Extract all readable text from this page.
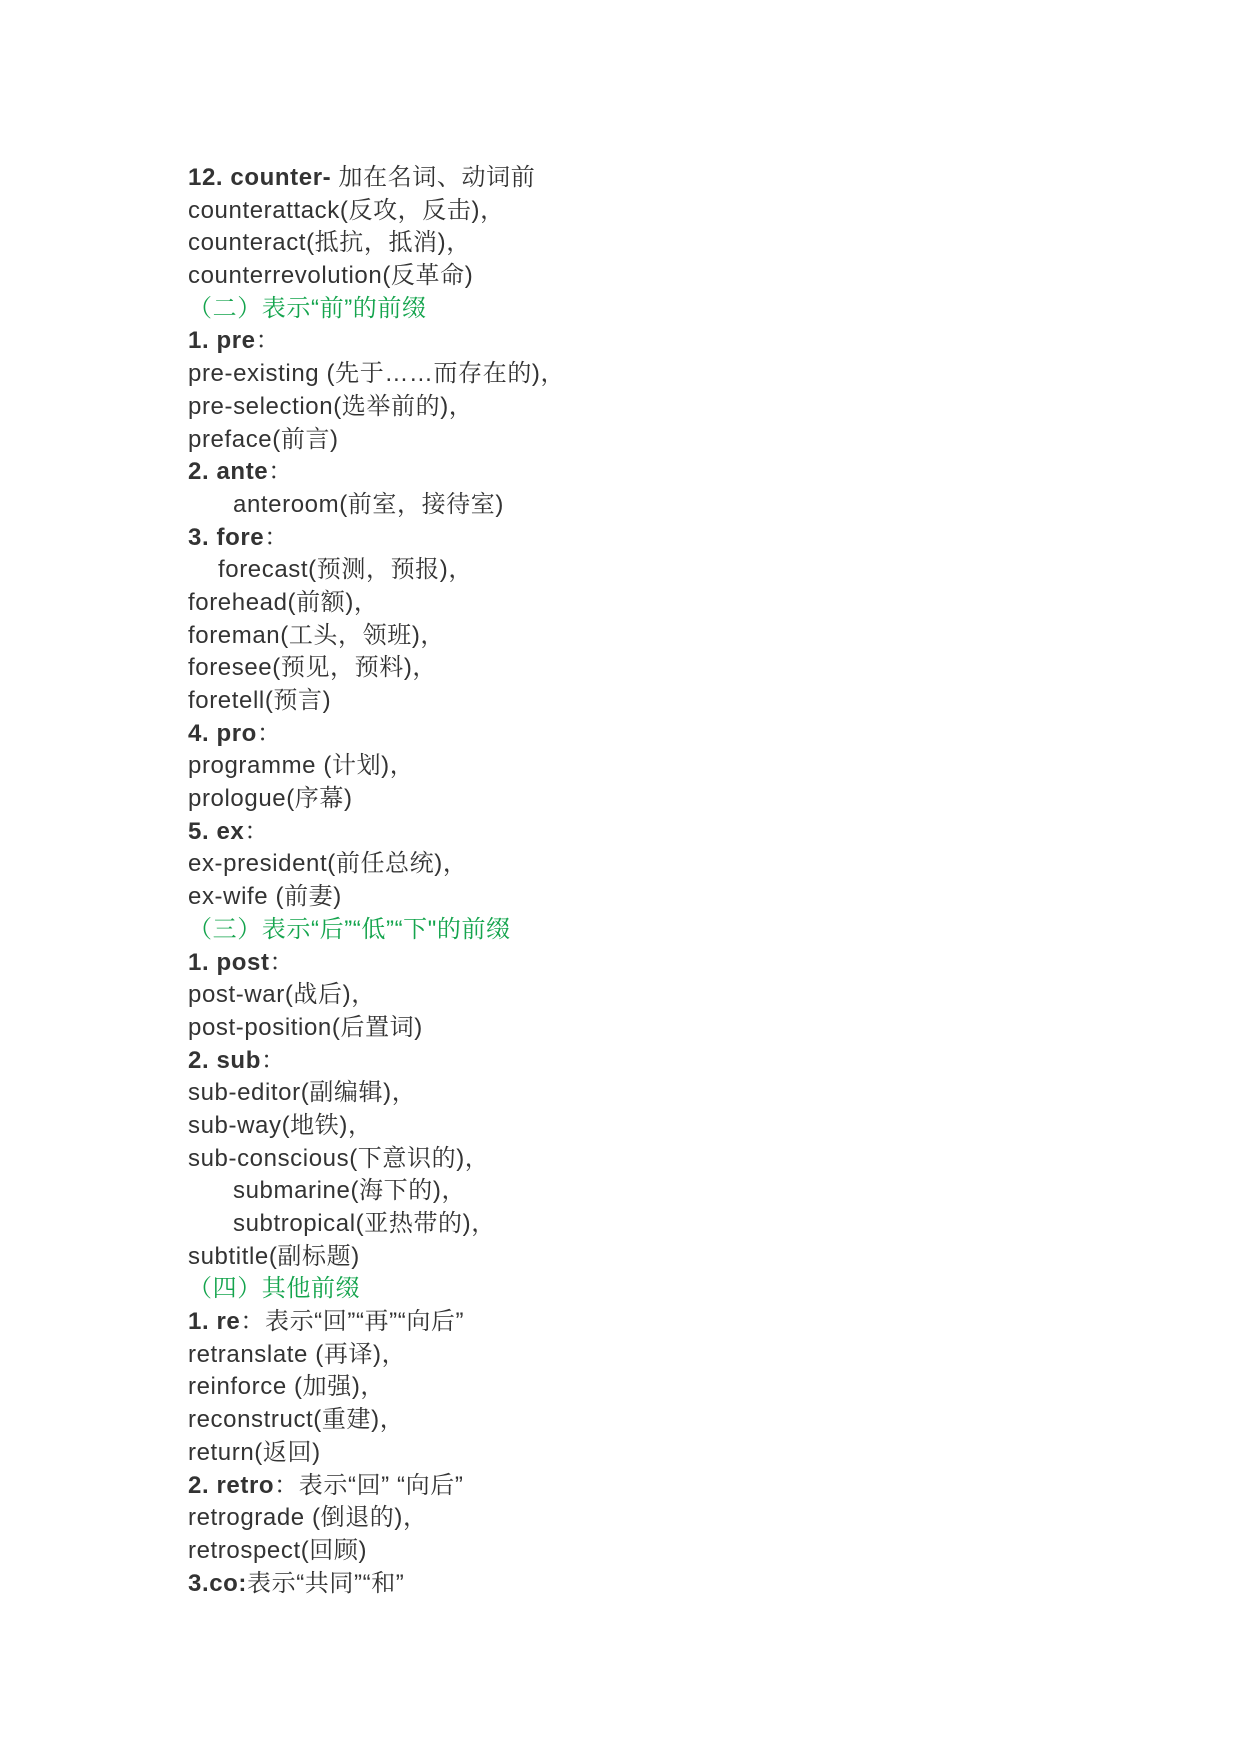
12. counter- 加在名词、动词前
counterattack(反攻，反击)，
counteract(抵抗，抵消)，
counterrevolution(反革命)
（二）表示“前”的前缀
1. pre：
pre-existing (先于……而存在的)，
pre-selection(选举前的)，
preface(前言)
2. ante：
anteroom(前室，接待室)
3. fore：
forecast(预测，预报)，
forehead(前额)，
foreman(工头，领班)，
foresee(预见，预料)，
foretell(预言)
4. pro：
programme (计划)，
prologue(序幕)
5. ex：
ex-president(前任总统)，
ex-wife (前妻)
（三）表示“后”“低”“下"的前缀
1. post：
post-war(战后)，
post-position(后置词)
2. sub：
sub-editor(副编辑)，
sub-way(地铁)，
sub-conscious(下意识的)，
submarine(海下的)，
subtropical(亚热带的)，
subtitle(副标题)
（四）其他前缀
1. re：表示“回”“再”“向后”
retranslate (再译)，
reinforce (加强)，
reconstruct(重建)，
return(返回)
2. retro：表示“回” “向后”
retrograde (倒退的)，
retrospect(回顾)
3.co:表示“共同”“和”
